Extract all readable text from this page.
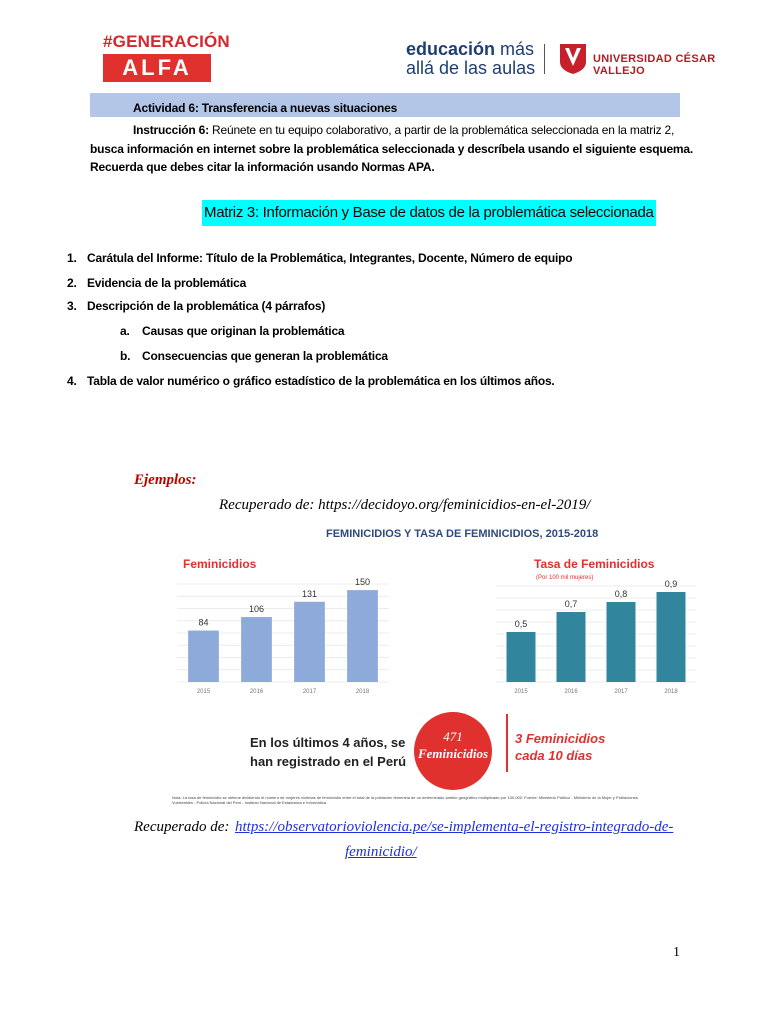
#GENERACIÓN
ALFA
educación más
allá de las aulas	UNIVERSIDAD CÉSAR VALLEJO
Actividad 6: Transferencia a nuevas situaciones
Instrucción 6: Reúnete en tu equipo colaborativo, a partir de la problemática seleccionada en la matriz 2,
busca información en internet sobre la problemática seleccionada y descríbela usando el siguiente esquema.
Recuerda que debes citar la información usando Normas APA.
Matriz 3: Información y Base de datos de la problemática seleccionada
1. Carátula del Informe: Título de la Problemática, Integrantes, Docente, Número de equipo
2. Evidencia de la problemática
3. Descripción de la problemática (4 párrafos)
a. Causas que originan la problemática
b. Consecuencias que generan la problemática
4. Tabla de valor numérico o gráfico estadístico de la problemática en los últimos años.
Ejemplos:
Recuperado de: https://decidoyo.org/feminicidios-en-el-2019/
FEMINICIDIOS Y TASA DE FEMINICIDIOS, 2015-2018
Feminicidios
84
2015
106
2016
131
2017
150
2018
Tasa de Feminicidios
(Por 100 mil mujeres)
0,5
2015
0,7
2016
0,8
2017
0,9
2018
En los últimos 4 años, se
han registrado en el Perú
471
Feminicidios
3 Feminicidios
cada 10 días
Nota: La tasa de feminicidio se obtiene dividiendo el número de mujeres víctimas de feminicidio entre el total de la población femenina de un determinado ámbito geográfico multiplicado por 100,000. Fuente: Ministerio Público - Ministerio de la Mujer y Poblaciones Vulnerables - Policía Nacional del Perú - Instituto Nacional de Estadística e Informática.
Recuperado de: https://observatorioviolencia.pe/se-implementa-el-registro-integrado-de-
feminicidio/
1
